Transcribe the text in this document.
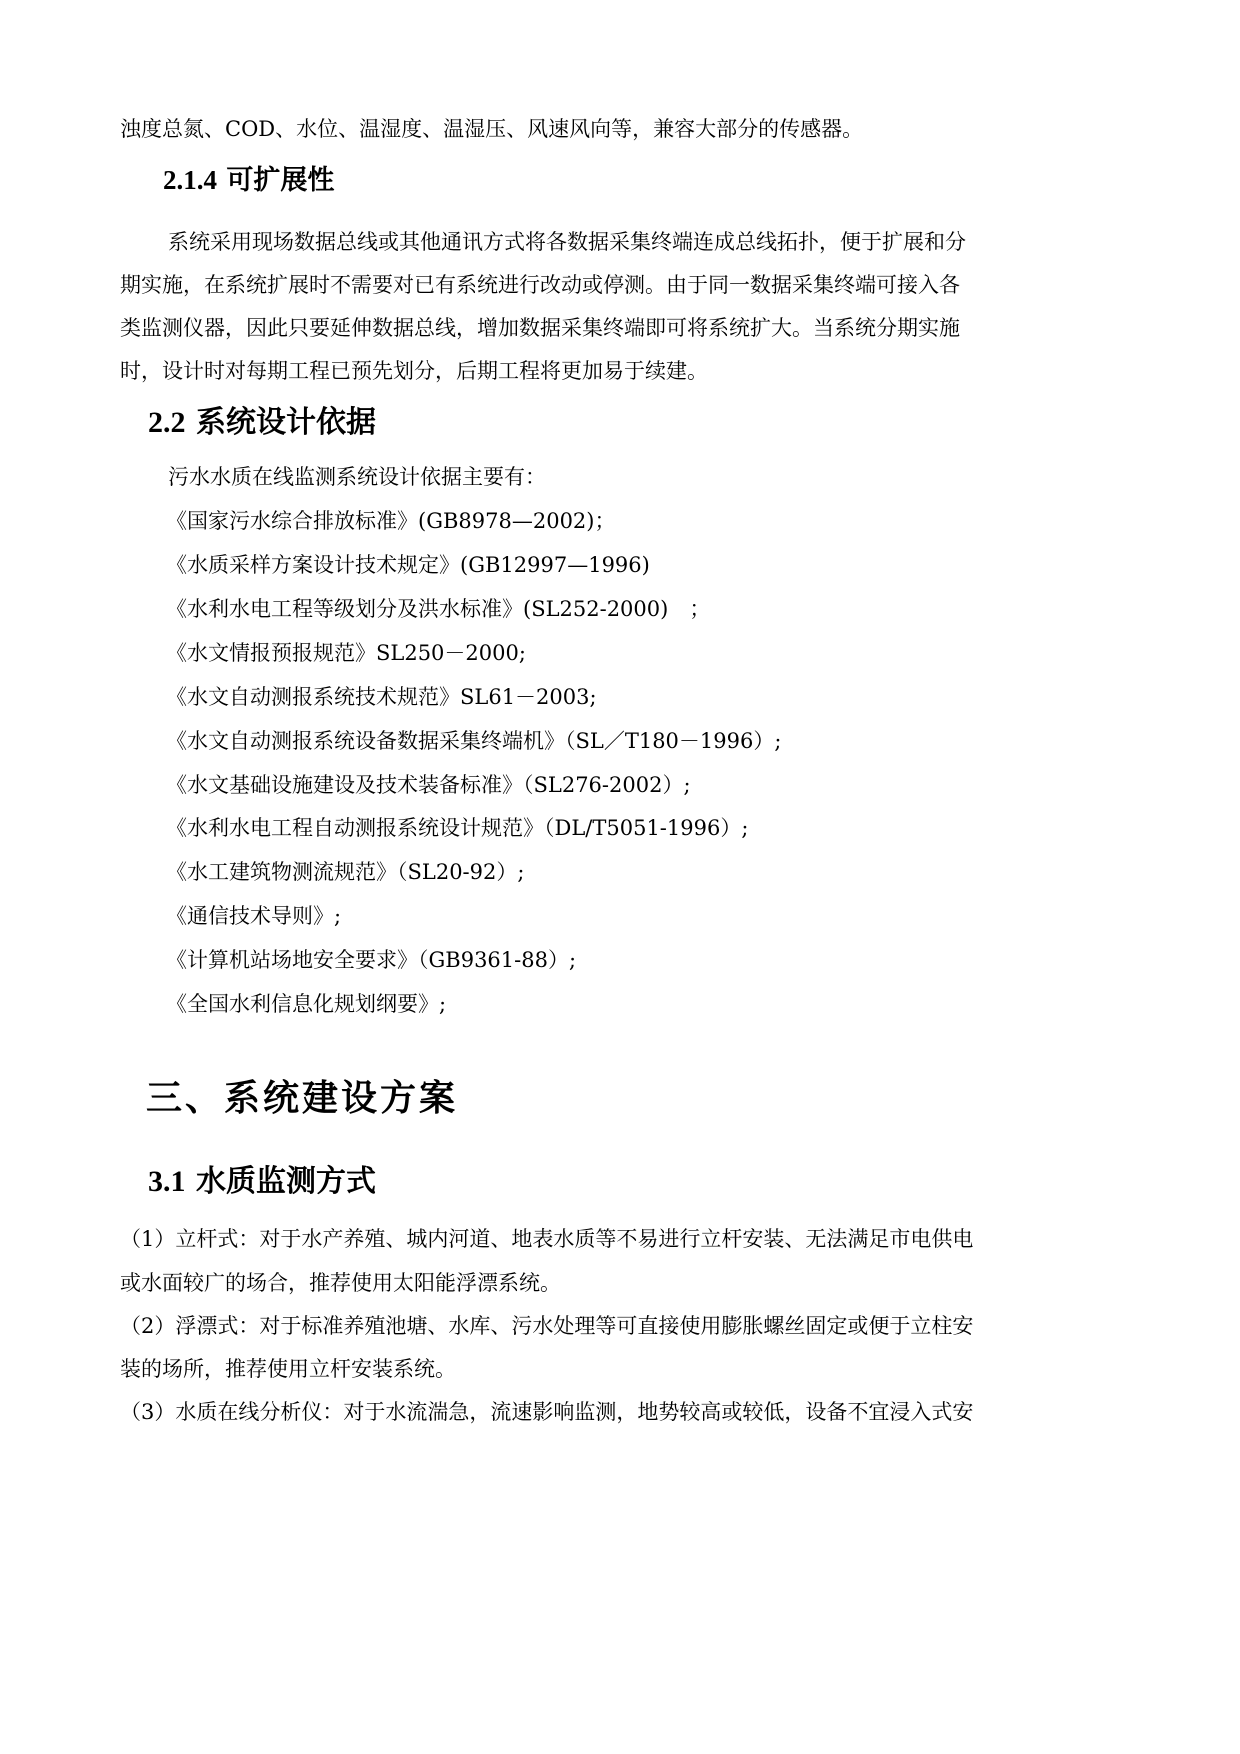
浊度总氮、COD、水位、温湿度、温湿压、风速风向等，兼容大部分的传感器。
2.1.4 可扩展性
系统采用现场数据总线或其他通讯方式将各数据采集终端连成总线拓扑，便于扩展和分
期实施，在系统扩展时不需要对已有系统进行改动或停测。由于同一数据采集终端可接入各
类监测仪器，因此只要延伸数据总线，增加数据采集终端即可将系统扩大。当系统分期实施
时，设计时对每期工程已预先划分，后期工程将更加易于续建。
2.2 系统设计依据
污水水质在线监测系统设计依据主要有：
《国家污水综合排放标准》(GB8978—2002)；
《水质采样方案设计技术规定》(GB12997—1996)
《水利水电工程等级划分及洪水标准》(SL252-2000)　；
《水文情报预报规范》SL250－2000;
《水文自动测报系统技术规范》SL61－2003;
《水文自动测报系统设备数据采集终端机》（SL／T180－1996）;
《水文基础设施建设及技术装备标准》（SL276-2002）;
《水利水电工程自动测报系统设计规范》（DL/T5051-1996）;
《水工建筑物测流规范》（SL20-92）;
《通信技术导则》;
《计算机站场地安全要求》（GB9361-88）;
《全国水利信息化规划纲要》;
三、系统建设方案
3.1 水质监测方式
（1）立杆式：对于水产养殖、城内河道、地表水质等不易进行立杆安装、无法满足市电供电
或水面较广的场合，推荐使用太阳能浮漂系统。
（2）浮漂式：对于标准养殖池塘、水库、污水处理等可直接使用膨胀螺丝固定或便于立柱安
装的场所，推荐使用立杆安装系统。
（3）水质在线分析仪：对于水流湍急，流速影响监测，地势较高或较低，设备不宜浸入式安
